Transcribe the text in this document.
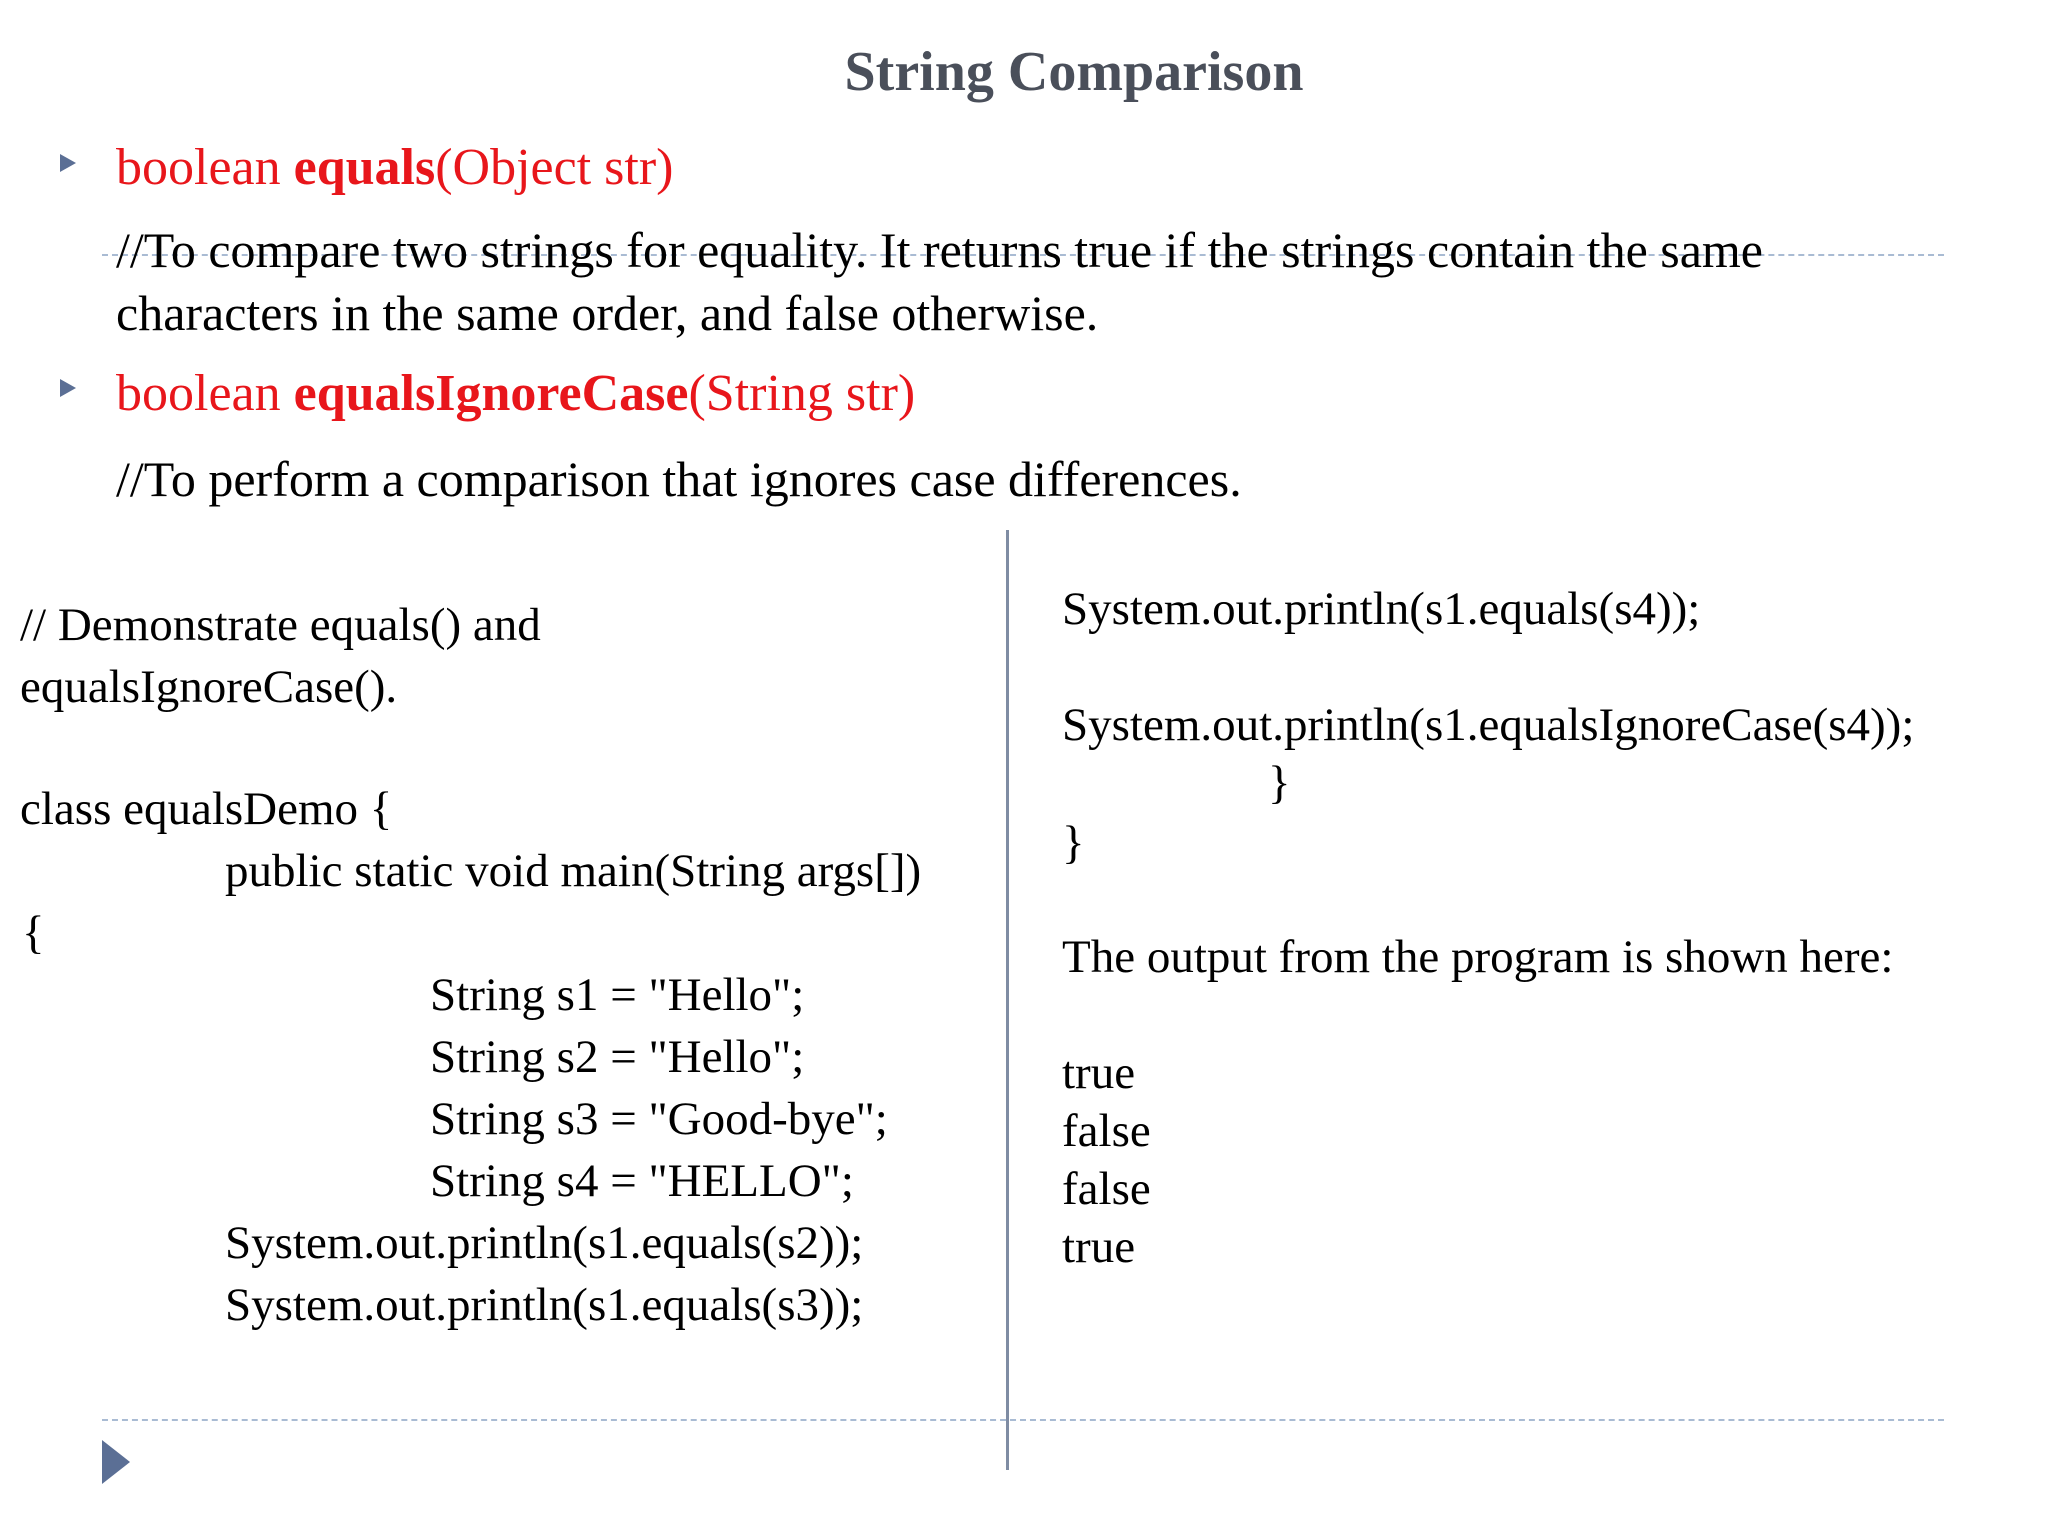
String Comparison
boolean equals(Object str)
//To compare two strings for equality. It returns true if the strings contain the same
characters in the same order, and false otherwise.
boolean equalsIgnoreCase(String str)
//To perform a comparison that ignores case differences.
// Demonstrate equals() and
equalsIgnoreCase().
class equalsDemo {
public static void main(String args[])
{
String s1 = "Hello";
String s2 = "Hello";
String s3 = "Good-bye";
String s4 = "HELLO";
System.out.println(s1.equals(s2));
System.out.println(s1.equals(s3));
System.out.println(s1.equals(s4));
System.out.println(s1.equalsIgnoreCase(s4));
}
}
The output from the program is shown here:
true
false
false
true
